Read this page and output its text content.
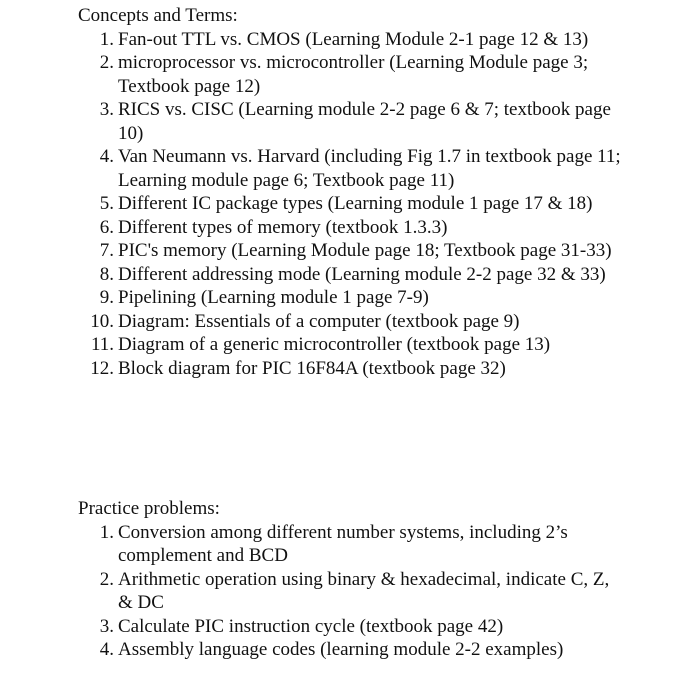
Concepts and Terms:

1. Fan-out TTL vs. CMOS (Learning Module 2-1 page 12 & 13)
2. microprocessor vs. microcontroller (Learning Module page 3; Textbook page 12)
3. RICS vs. CISC (Learning module 2-2 page 6 & 7; textbook page 10)
4. Van Neumann vs. Harvard (including Fig 1.7 in textbook page 11; Learning module page 6; Textbook page 11)
5. Different IC package types (Learning module 1 page 17 & 18)
6. Different types of memory (textbook 1.3.3)
7. PIC's memory (Learning Module page 18; Textbook page 31-33)
8. Different addressing mode (Learning module 2-2 page 32 & 33)
9. Pipelining (Learning module 1 page 7-9)
10. Diagram: Essentials of a computer (textbook page 9)
11. Diagram of a generic microcontroller (textbook page 13)
12. Block diagram for PIC 16F84A (textbook page 32)

Practice problems:

1. Conversion among different number systems, including 2’s complement and BCD
2. Arithmetic operation using binary & hexadecimal, indicate C, Z, & DC
3. Calculate PIC instruction cycle (textbook page 42)
4. Assembly language codes (learning module 2-2 examples)
